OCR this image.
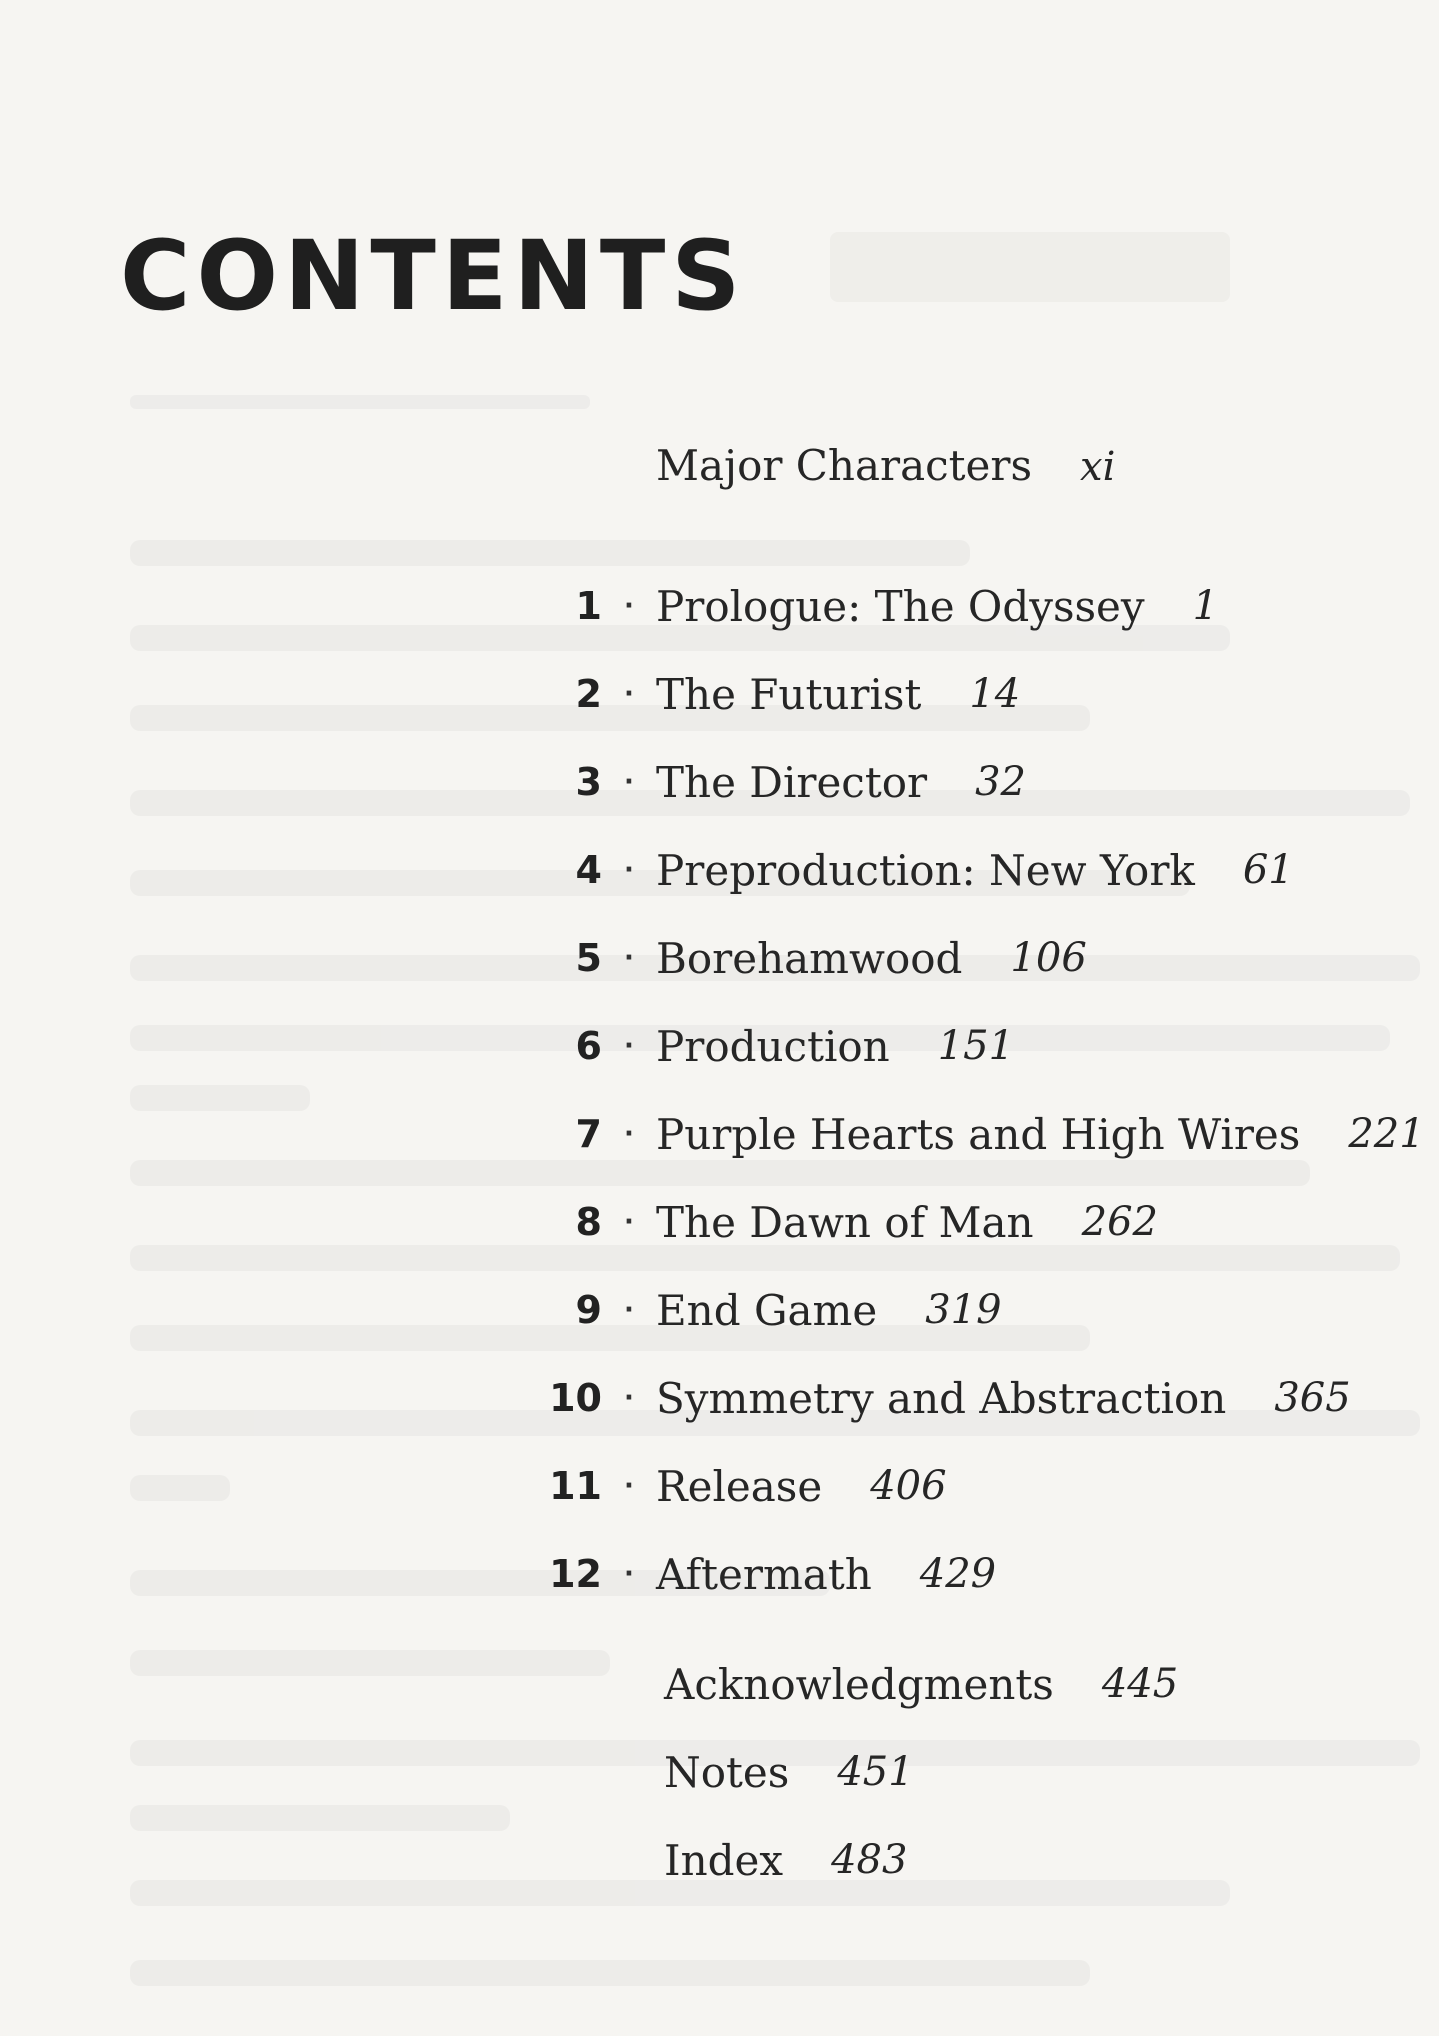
CONTENTS
Major Characters xi
1 · Prologue: The Odyssey 1
2 · The Futurist 14
3 · The Director 32
4 · Preproduction: New York 61
5 · Borehamwood 106
6 · Production 151
7 · Purple Hearts and High Wires 221
8 · The Dawn of Man 262
9 · End Game 319
10 · Symmetry and Abstraction 365
11 · Release 406
12 · Aftermath 429
Acknowledgments 445
Notes 451
Index 483
